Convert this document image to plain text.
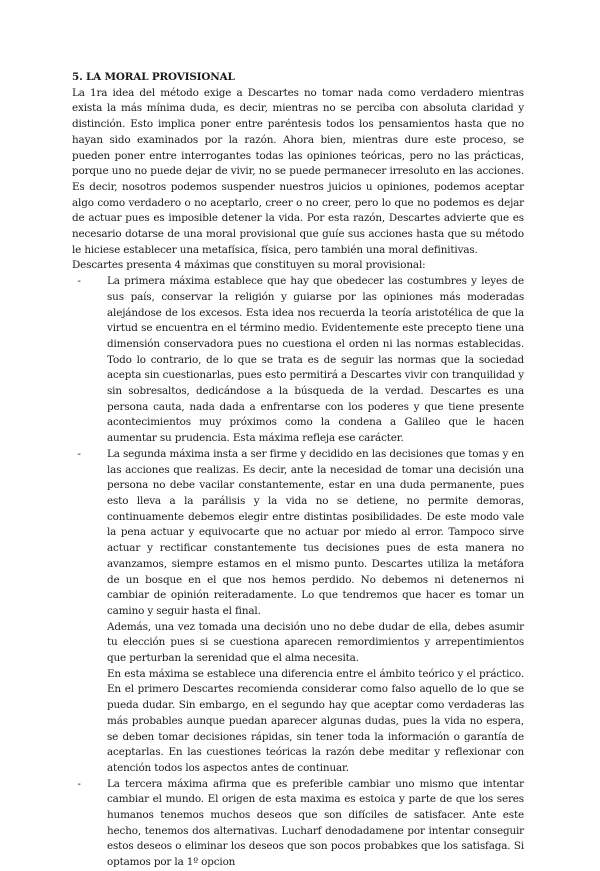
5. LA MORAL PROVISIONAL

La 1ra idea del método exige a Descartes no tomar nada como verdadero mientras exista la más mínima duda, es decir, mientras no se perciba con absoluta claridad y distinción. Esto implica poner entre paréntesis todos los pensamientos hasta que no hayan sido examinados por la razón. Ahora bien, mientras dure este proceso, se pueden poner entre interrogantes todas las opiniones teóricas, pero no las prácticas, porque uno no puede dejar de vivir, no se puede permanecer irresoluto en las acciones. Es decir, nosotros podemos suspender nuestros juicios u opiniones, podemos aceptar algo como verdadero o no aceptarlo, creer o no creer, pero lo que no podemos es dejar de actuar pues es imposible detener la vida. Por esta razón, Descartes advierte que es necesario dotarse de una moral provisional que guíe sus acciones hasta que su método le hiciese establecer una metafísica, física, pero también una moral definitivas.

Descartes presenta 4 máximas que constituyen su moral provisional:

-	La primera máxima establece que hay que obedecer las costumbres y leyes de sus país, conservar la religión y guiarse por las opiniones más moderadas alejándose de los excesos. Esta idea nos recuerda la teoría aristotélica de que la virtud se encuentra en el término medio. Evidentemente este precepto tiene una dimensión conservadora pues no cuestiona el orden ni las normas establecidas. Todo lo contrario, de lo que se trata es de seguir las normas que la sociedad acepta sin cuestionarlas, pues esto permitirá a Descartes vivir con tranquilidad y sin sobresaltos, dedicándose a la búsqueda de la verdad. Descartes es una persona cauta, nada dada a enfrentarse con los poderes y que tiene presente acontecimientos muy próximos como la condena a Galileo que le hacen aumentar su prudencia. Esta máxima refleja ese carácter.

-	La segunda máxima insta a ser firme y decidido en las decisiones que tomas y en las acciones que realizas. Es decir, ante la necesidad de tomar una decisión una persona no debe vacilar constantemente, estar en una duda permanente, pues esto lleva a la parálisis y la vida no se detiene, no permite demoras, continuamente debemos elegir entre distintas posibilidades. De este modo vale la pena actuar y equivocarte que no actuar por miedo al error. Tampoco sirve actuar y rectificar constantemente tus decisiones pues de esta manera no avanzamos, siempre estamos en el mismo punto. Descartes utiliza la metáfora de un bosque en el que nos hemos perdido. No debemos ni detenernos ni cambiar de opinión reiteradamente. Lo que tendremos que hacer es tomar un camino y seguir hasta el final.

Además, una vez tomada una decisión uno no debe dudar de ella, debes asumir tu elección pues si se cuestiona aparecen remordimientos y arrepentimientos que perturban la serenidad que el alma necesita.

En esta máxima se establece una diferencia entre el ámbito teórico y el práctico. En el primero Descartes recomienda considerar como falso aquello de lo que se pueda dudar. Sin embargo, en el segundo hay que aceptar como verdaderas las más probables aunque puedan aparecer algunas dudas, pues la vida no espera, se deben tomar decisiones rápidas, sin tener toda la información o garantía de aceptarlas. En las cuestiones teóricas la razón debe meditar y reflexionar con atención todos los aspectos antes de continuar.

-	La tercera máxima afirma que es preferible cambiar uno mismo que intentar cambiar el mundo. El origen de esta maxima es estoica y parte de que los seres humanos tenemos muchos deseos que son difíciles de satisfacer. Ante este hecho, tenemos dos alternativas. Lucharf denodadamene por intentar conseguir estos deseos o eliminar los deseos que son pocos probabkes que los satisfaga. Si optamos por la 1º opcion
